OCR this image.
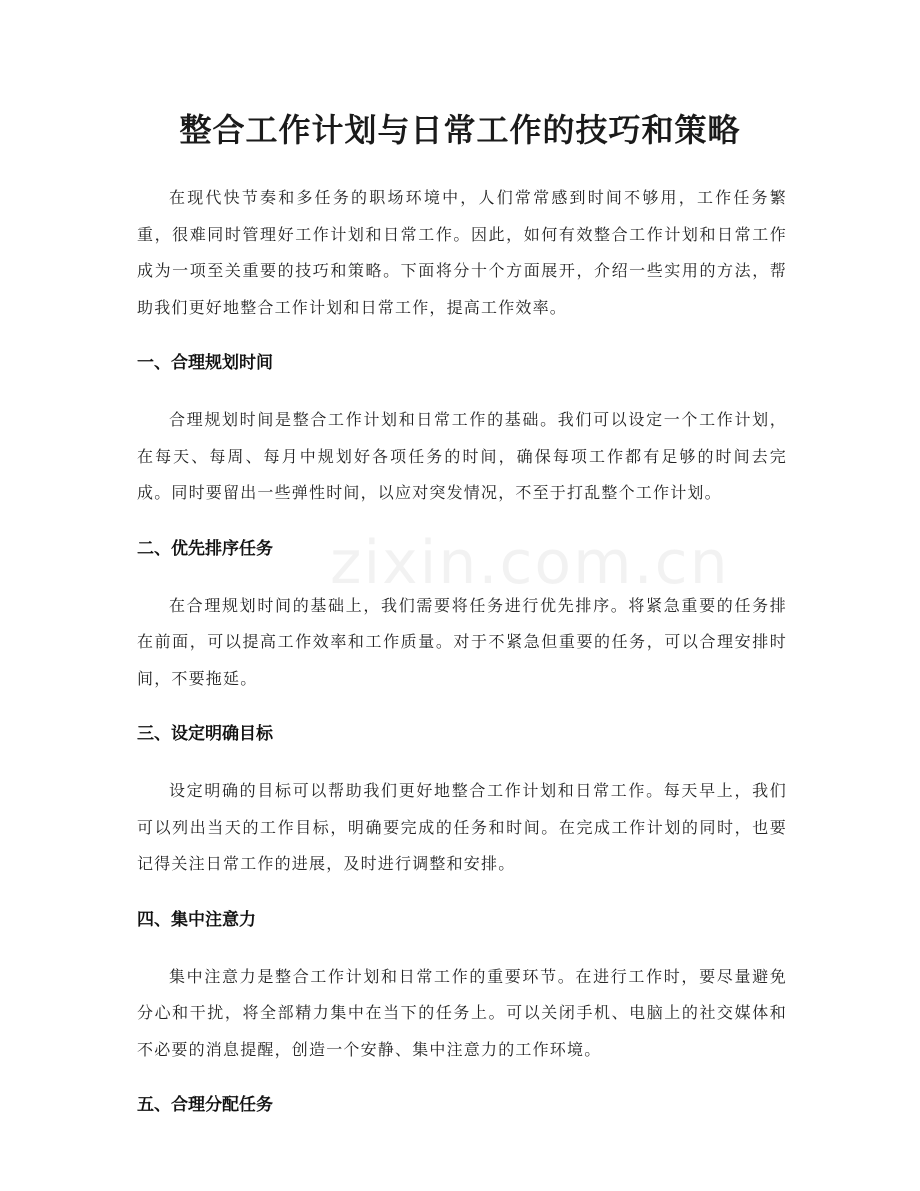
整合工作计划与日常工作的技巧和策略

在现代快节奏和多任务的职场环境中，人们常常感到时间不够用，工作任务繁重，很难同时管理好工作计划和日常工作。因此，如何有效整合工作计划和日常工作成为一项至关重要的技巧和策略。下面将分十个方面展开，介绍一些实用的方法，帮助我们更好地整合工作计划和日常工作，提高工作效率。

一、合理规划时间

合理规划时间是整合工作计划和日常工作的基础。我们可以设定一个工作计划，在每天、每周、每月中规划好各项任务的时间，确保每项工作都有足够的时间去完成。同时要留出一些弹性时间，以应对突发情况，不至于打乱整个工作计划。

二、优先排序任务

在合理规划时间的基础上，我们需要将任务进行优先排序。将紧急重要的任务排在前面，可以提高工作效率和工作质量。对于不紧急但重要的任务，可以合理安排时间，不要拖延。

三、设定明确目标

设定明确的目标可以帮助我们更好地整合工作计划和日常工作。每天早上，我们可以列出当天的工作目标，明确要完成的任务和时间。在完成工作计划的同时，也要记得关注日常工作的进展，及时进行调整和安排。

四、集中注意力

集中注意力是整合工作计划和日常工作的重要环节。在进行工作时，要尽量避免分心和干扰，将全部精力集中在当下的任务上。可以关闭手机、电脑上的社交媒体和不必要的消息提醒，创造一个安静、集中注意力的工作环境。

五、合理分配任务
zixin.com.cn
